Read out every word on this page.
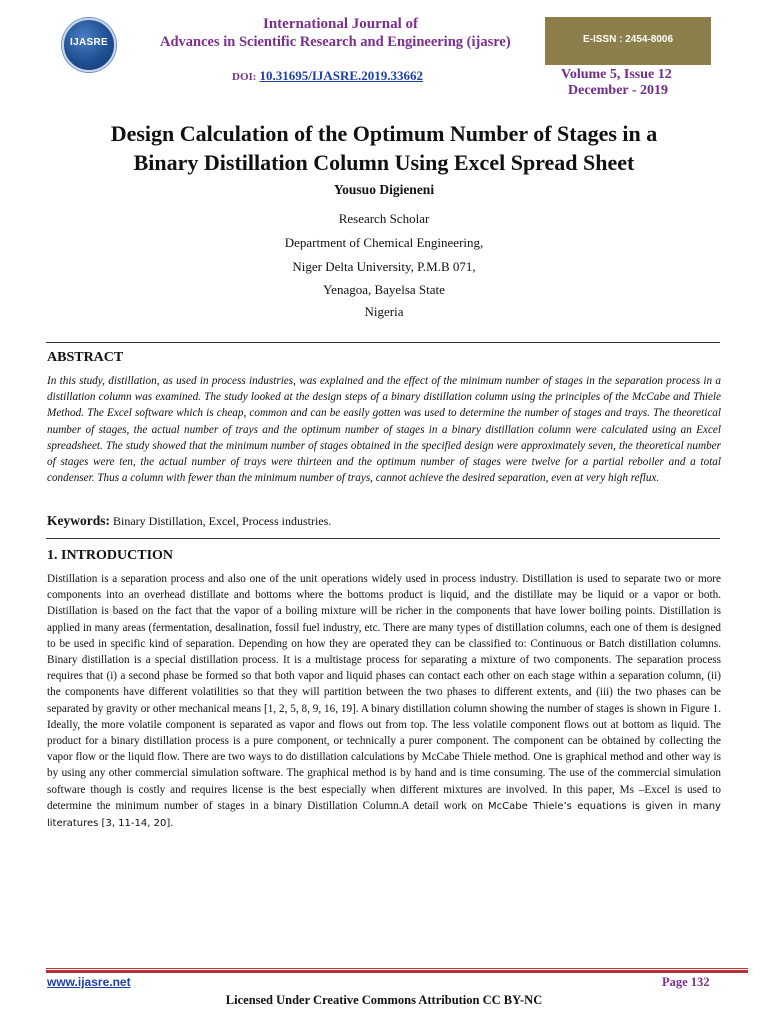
IJASRE
International Journal of
Advances in Scientific Research and Engineering (ijasre)	E-ISSN : 2454-8006
DOI: 10.31695/IJASRE.2019.33662	Volume 5, Issue 12
December - 2019
Design Calculation of the Optimum Number of Stages in a
Binary Distillation Column Using Excel Spread Sheet
Yousuo Digieneni
Research Scholar
Department of Chemical Engineering,
Niger Delta University, P.M.B 071,
Yenagoa, Bayelsa State
Nigeria
ABSTRACT

In this study, distillation, as used in process industries, was explained and the effect of the minimum number of stages in the separation process in a distillation column was examined. The study looked at the design steps of a binary distillation column using the principles of the McCabe and Thiele Method. The Excel software which is cheap, common and can be easily gotten was used to determine the number of stages and trays. The theoretical number of stages, the actual number of trays and the optimum number of stages in a binary distillation column were calculated using an Excel spreadsheet. The study showed that the minimum number of stages obtained in the specified design were approximately seven, the theoretical number of stages were ten, the actual number of trays were thirteen and the optimum number of stages were twelve for a partial reboiler and a total condenser. Thus a column with fewer than the minimum number of trays, cannot achieve the desired separation, even at very high reflux.

Keywords: Binary Distillation, Excel, Process industries.
1. INTRODUCTION

Distillation is a separation process and also one of the unit operations widely used in process industry. Distillation is used to separate two or more components into an overhead distillate and bottoms where the bottoms product is liquid, and the distillate may be liquid or a vapor or both. Distillation is based on the fact that the vapor of a boiling mixture will be richer in the components that have lower boiling points. Distillation is applied in many areas (fermentation, desalination, fossil fuel industry, etc. There are many types of distillation columns, each one of them is designed to be used in specific kind of separation. Depending on how they are operated they can be classified to: Continuous or Batch distillation columns. Binary distillation is a special distillation process. It is a multistage process for separating a mixture of two components. The separation process requires that (i) a second phase be formed so that both vapor and liquid phases can contact each other on each stage within a separation column, (ii) the components have different volatilities so that they will partition between the two phases to different extents, and (iii) the two phases can be separated by gravity or other mechanical means [1, 2, 5, 8, 9, 16, 19]. A binary distillation column showing the number of stages is shown in Figure 1. Ideally, the more volatile component is separated as vapor and flows out from top. The less volatile component flows out at bottom as liquid. The product for a binary distillation process is a pure component, or technically a purer component. The component can be obtained by collecting the vapor flow or the liquid flow. There are two ways to do distillation calculations by McCabe Thiele method. One is graphical method and other way is by using any other commercial simulation software. The graphical method is by hand and is time consuming. The use of the commercial simulation software though is costly and requires license is the best especially when different mixtures are involved. In this paper, Ms –Excel is used to determine the minimum number of stages in a binary Distillation Column.A detail work on McCabe Thiele’s equations is given in many literatures [3, 11-14, 20].

www.ijasre.net	Page 132
Licensed Under Creative Commons Attribution CC BY-NC
